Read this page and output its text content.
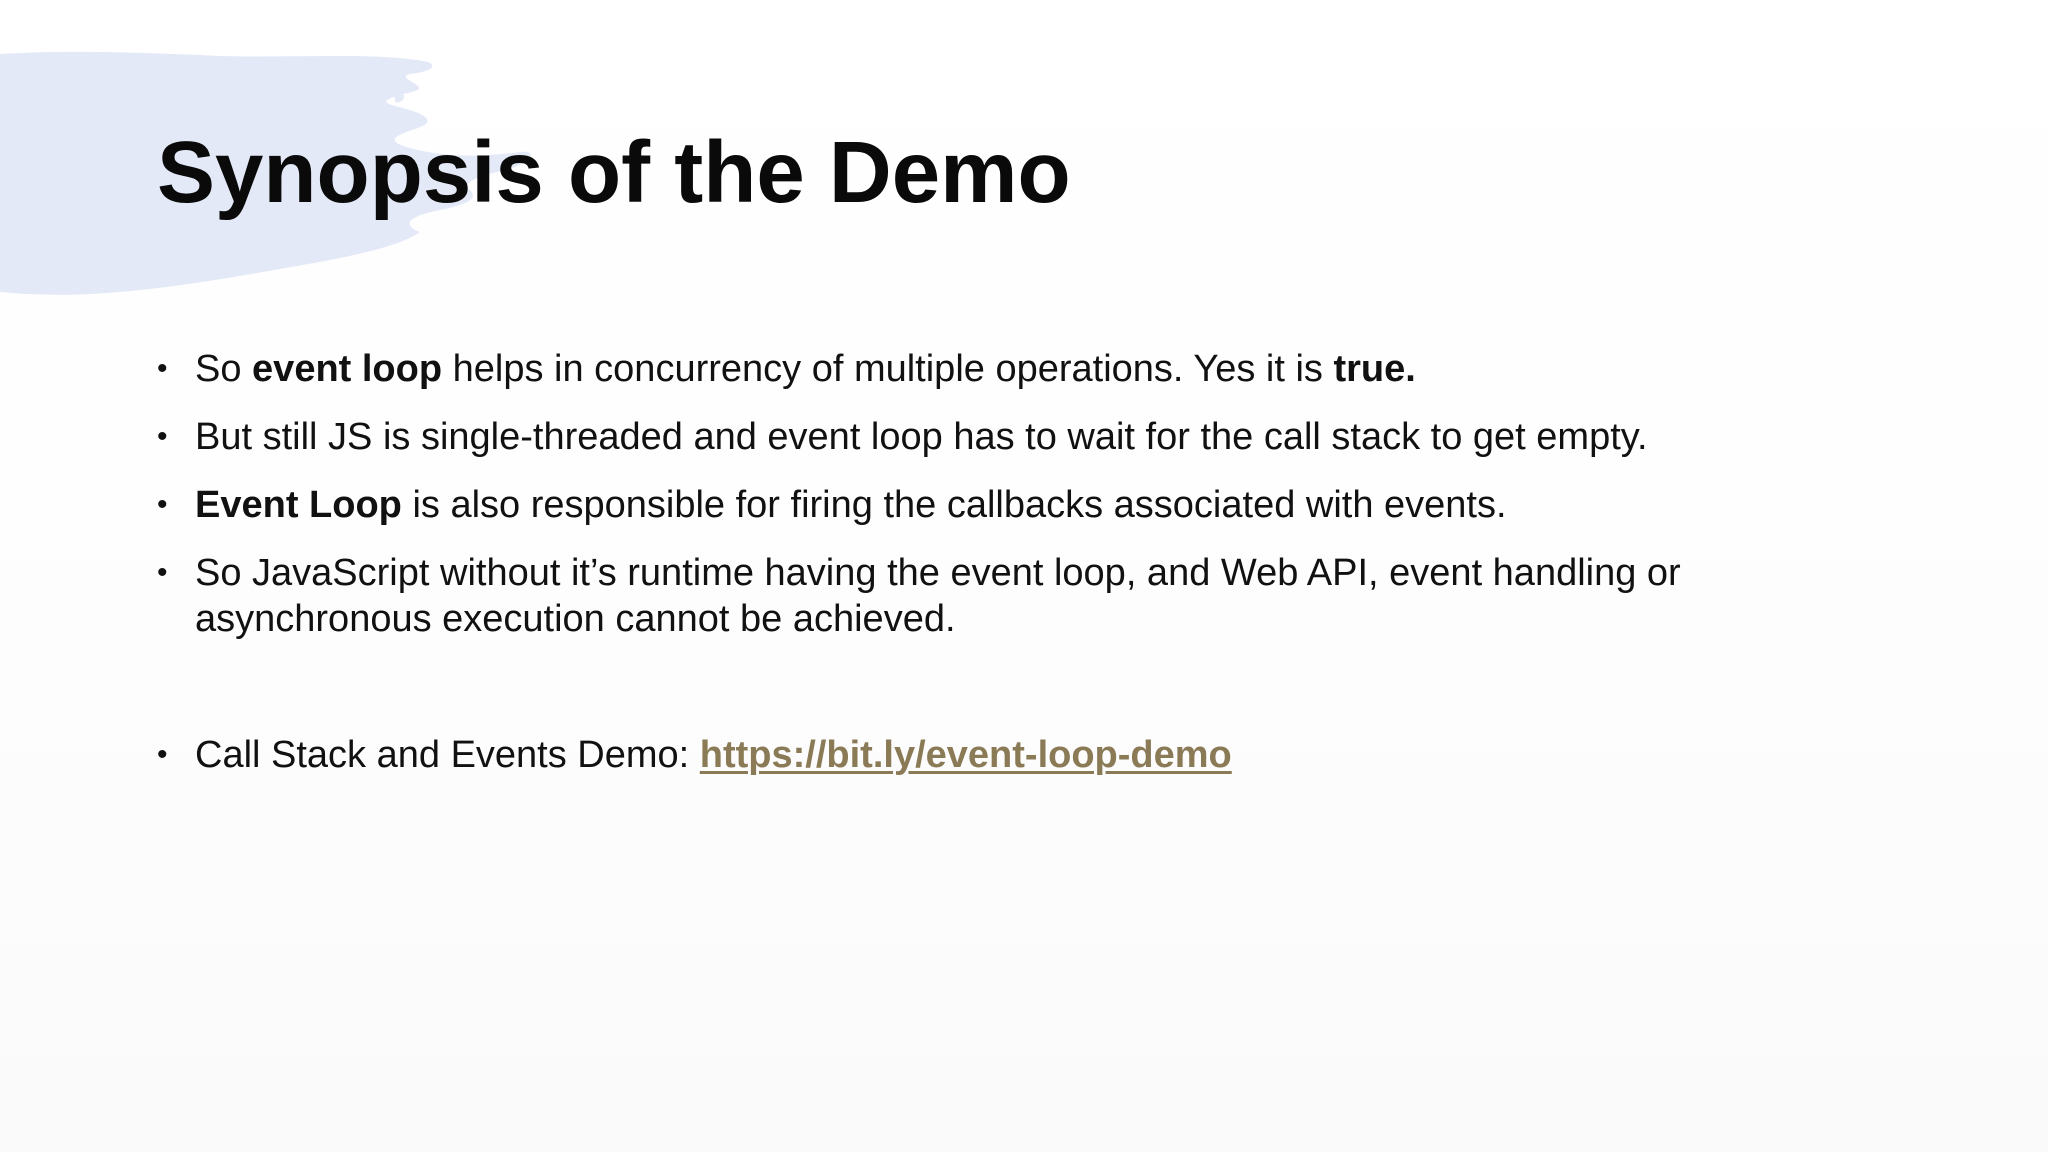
Synopsis of the Demo
• So event loop helps in concurrency of multiple operations. Yes it is true.
• But still JS is single-threaded and event loop has to wait for the call stack to get empty.
• Event Loop is also responsible for firing the callbacks associated with events.
• So JavaScript without it’s runtime having the event loop, and Web API, event handling or
asynchronous execution cannot be achieved.
• Call Stack and Events Demo: https://bit.ly/event-loop-demo
